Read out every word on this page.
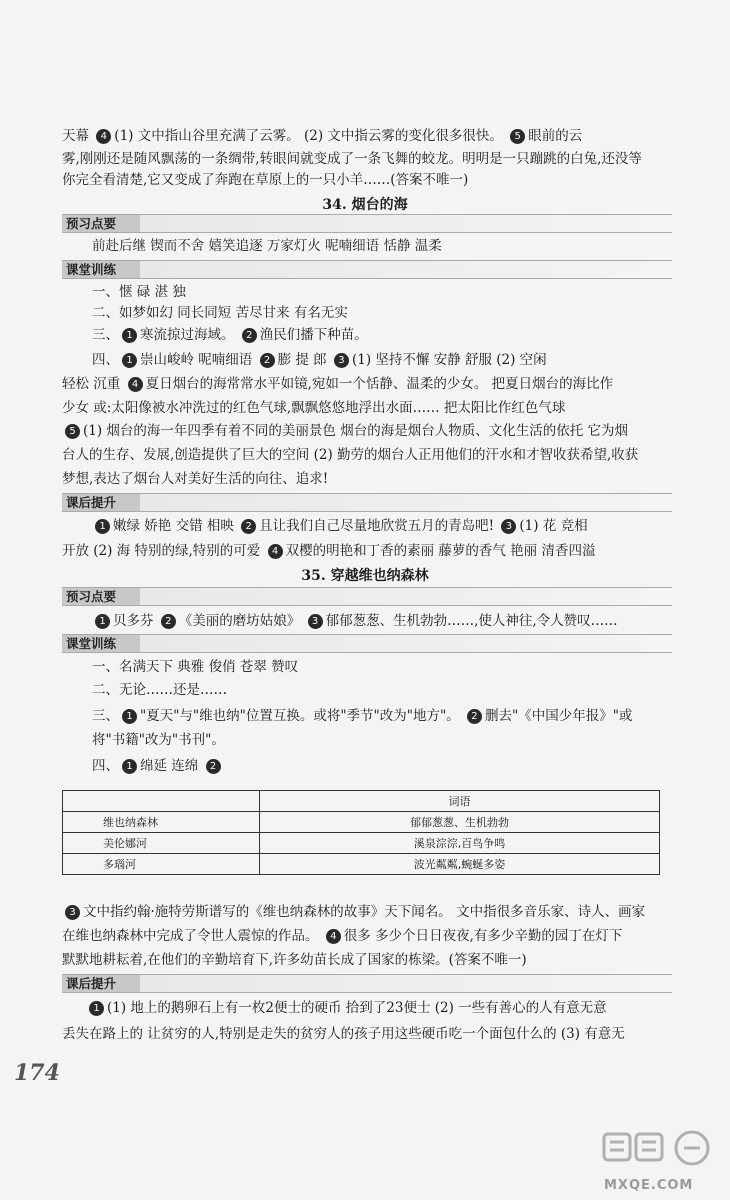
天幕 4 (1) 文中指山谷里充满了云雾。 (2) 文中指云雾的变化很多很快。 5 眼前的云
雾,刚刚还是随风飘荡的一条绸带,转眼间就变成了一条飞舞的蛟龙。明明是一只蹦跳的白兔,还没等
你完全看清楚,它又变成了奔跑在草原上的一只小羊……(答案不唯一)
34. 烟台的海
预习点要
前赴后继 锲而不舍 嬉笑追逐 万家灯火 呢喃细语 恬静 温柔
课堂训练
一、惬 碌 湛 独
二、如梦如幻 同长同短 苦尽甘来 有名无实
三、 1 寒流掠过海域。 2 渔民们播下种苗。
四、 1 崇山峻岭 呢喃细语 2 膨 提 郎 3 (1) 坚持不懈 安静 舒服 (2) 空闲
轻松 沉重 4 夏日烟台的海常常水平如镜,宛如一个恬静、温柔的少女。 把夏日烟台的海比作
少女 或:太阳像被水冲洗过的红色气球,飘飘悠悠地浮出水面…… 把太阳比作红色气球
5 (1) 烟台的海一年四季有着不同的美丽景色 烟台的海是烟台人物质、文化生活的依托 它为烟
台人的生存、发展,创造提供了巨大的空间 (2) 勤劳的烟台人正用他们的汗水和才智收获希望,收获
梦想,表达了烟台人对美好生活的向往、追求!
课后提升
1 嫩绿 娇艳 交错 相映 2 且让我们自己尽量地欣赏五月的青岛吧! 3 (1) 花 竞相
开放 (2) 海 特别的绿,特别的可爱 4 双樱的明艳和丁香的素丽 藤萝的香气 艳丽 清香四溢
35. 穿越维也纳森林
预习点要
1 贝多芬 2 《美丽的磨坊姑娘》 3 郁郁葱葱、生机勃勃……,使人神往,令人赞叹……
课堂训练
一、名满天下 典雅 俊俏 苍翠 赞叹
二、无论……还是……
三、 1 "夏天"与"维也纳"位置互换。或将"季节"改为"地方"。 2 删去"《中国少年报》"或
将"书籍"改为"书刊"。
四、 1 绵延 连绵 2
	词语
维也纳森林	郁郁葱葱、生机勃勃
美伦娜河	溪泉淙淙,百鸟争鸣
多瑙河	波光粼粼,蜿蜒多姿
3 文中指约翰·施特劳斯谱写的《维也纳森林的故事》天下闻名。 文中指很多音乐家、诗人、画家
在维也纳森林中完成了令世人震惊的作品。 4 很多 多少个日日夜夜,有多少辛勤的园丁在灯下
默默地耕耘着,在他们的辛勤培育下,许多幼苗长成了国家的栋梁。(答案不唯一)
课后提升
1 (1) 地上的鹅卵石上有一枚2便士的硬币 拾到了23便士 (2) 一些有善心的人有意无意
丢失在路上的 让贫穷的人,特别是走失的贫穷人的孩子用这些硬币吃一个面包什么的 (3) 有意无
174
MXQE.COM
